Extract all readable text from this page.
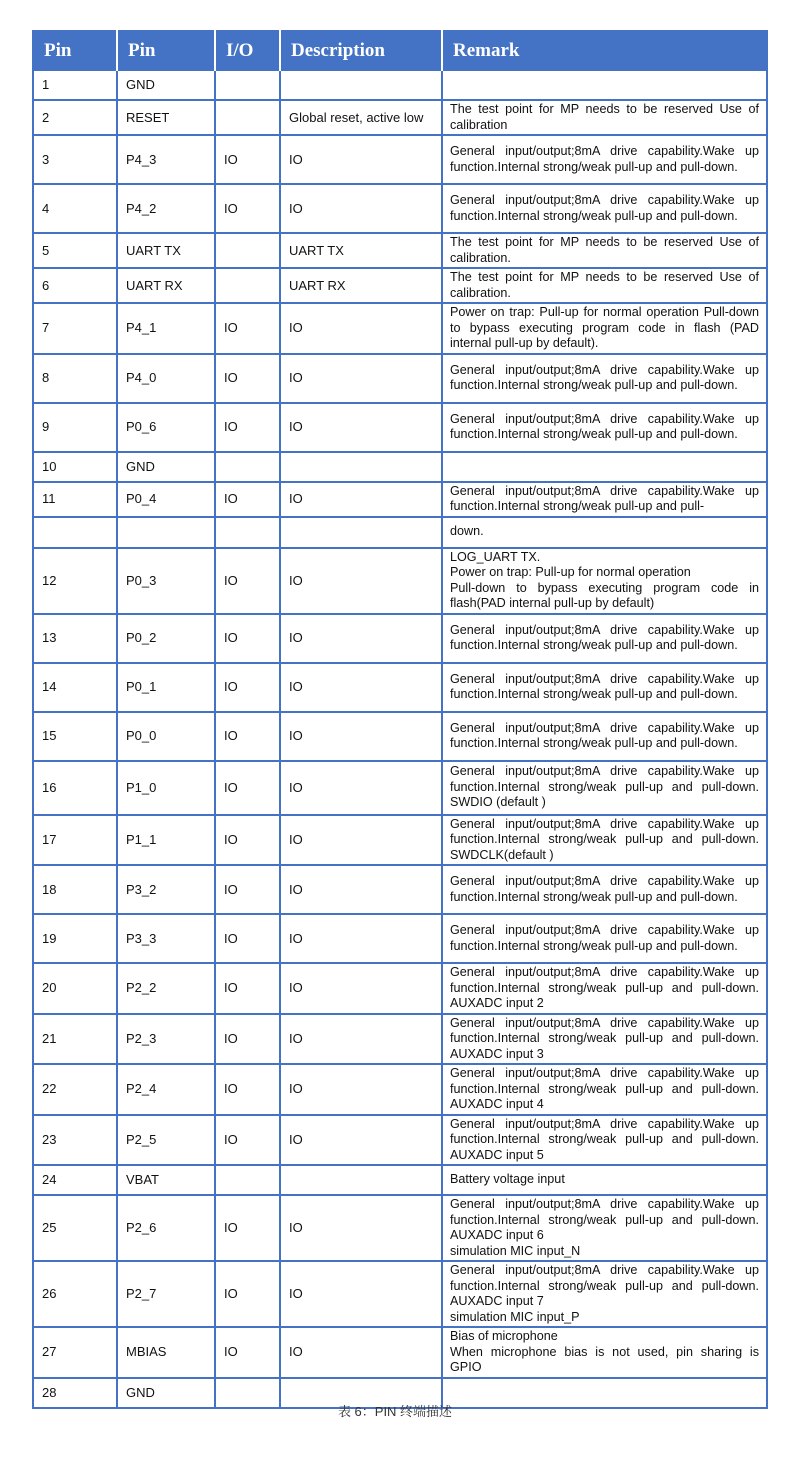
Pin	Pin	I/O	Description	Remark
1	GND			
2	RESET		Global reset, active low	The test point for MP needs to be reserved Use of calibration
3	P4_3	IO	IO	General input/output;8mA drive capability.Wake up function.Internal strong/weak pull-up and pull-down.
4	P4_2	IO	IO	General input/output;8mA drive capability.Wake up function.Internal strong/weak pull-up and pull-down.
5	UART TX		UART TX	The test point for MP needs to be reserved Use of calibration.
6	UART RX		UART RX	The test point for MP needs to be reserved Use of calibration.
7	P4_1	IO	IO	Power on trap: Pull-up for normal operation Pull-down to bypass executing program code in flash (PAD internal pull-up by default).
8	P4_0	IO	IO	General input/output;8mA drive capability.Wake up function.Internal strong/weak pull-up and pull-down.
9	P0_6	IO	IO	General input/output;8mA drive capability.Wake up function.Internal strong/weak pull-up and pull-down.
10	GND			
11	P0_4	IO	IO	General input/output;8mA drive capability.Wake up function.Internal strong/weak pull-up and pull-
				down.
12	P0_3	IO	IO	LOG_UART TX.
Power on trap: Pull-up for normal operation
Pull-down to bypass executing program code in flash(PAD internal pull-up by default)
13	P0_2	IO	IO	General input/output;8mA drive capability.Wake up function.Internal strong/weak pull-up and pull-down.
14	P0_1	IO	IO	General input/output;8mA drive capability.Wake up function.Internal strong/weak pull-up and pull-down.
15	P0_0	IO	IO	General input/output;8mA drive capability.Wake up function.Internal strong/weak pull-up and pull-down.
16	P1_0	IO	IO	General input/output;8mA drive capability.Wake up function.Internal strong/weak pull-up and pull-down. SWDIO (default )
17	P1_1	IO	IO	General input/output;8mA drive capability.Wake up function.Internal strong/weak pull-up and pull-down. SWDCLK(default )
18	P3_2	IO	IO	General input/output;8mA drive capability.Wake up function.Internal strong/weak pull-up and pull-down.
19	P3_3	IO	IO	General input/output;8mA drive capability.Wake up function.Internal strong/weak pull-up and pull-down.
20	P2_2	IO	IO	General input/output;8mA drive capability.Wake up function.Internal strong/weak pull-up and pull-down. AUXADC input 2
21	P2_3	IO	IO	General input/output;8mA drive capability.Wake up function.Internal strong/weak pull-up and pull-down. AUXADC input 3
22	P2_4	IO	IO	General input/output;8mA drive capability.Wake up function.Internal strong/weak pull-up and pull-down. AUXADC input 4
23	P2_5	IO	IO	General input/output;8mA drive capability.Wake up function.Internal strong/weak pull-up and pull-down. AUXADC input 5
24	VBAT			Battery voltage input
25	P2_6	IO	IO	General input/output;8mA drive capability.Wake up function.Internal strong/weak pull-up and pull-down. AUXADC input 6
simulation MIC input_N
26	P2_7	IO	IO	General input/output;8mA drive capability.Wake up function.Internal strong/weak pull-up and pull-down. AUXADC input 7
simulation MIC input_P
27	MBIAS	IO	IO	Bias of microphone
When microphone bias is not used, pin sharing is GPIO
28	GND			
表 6：PIN 终端描述
